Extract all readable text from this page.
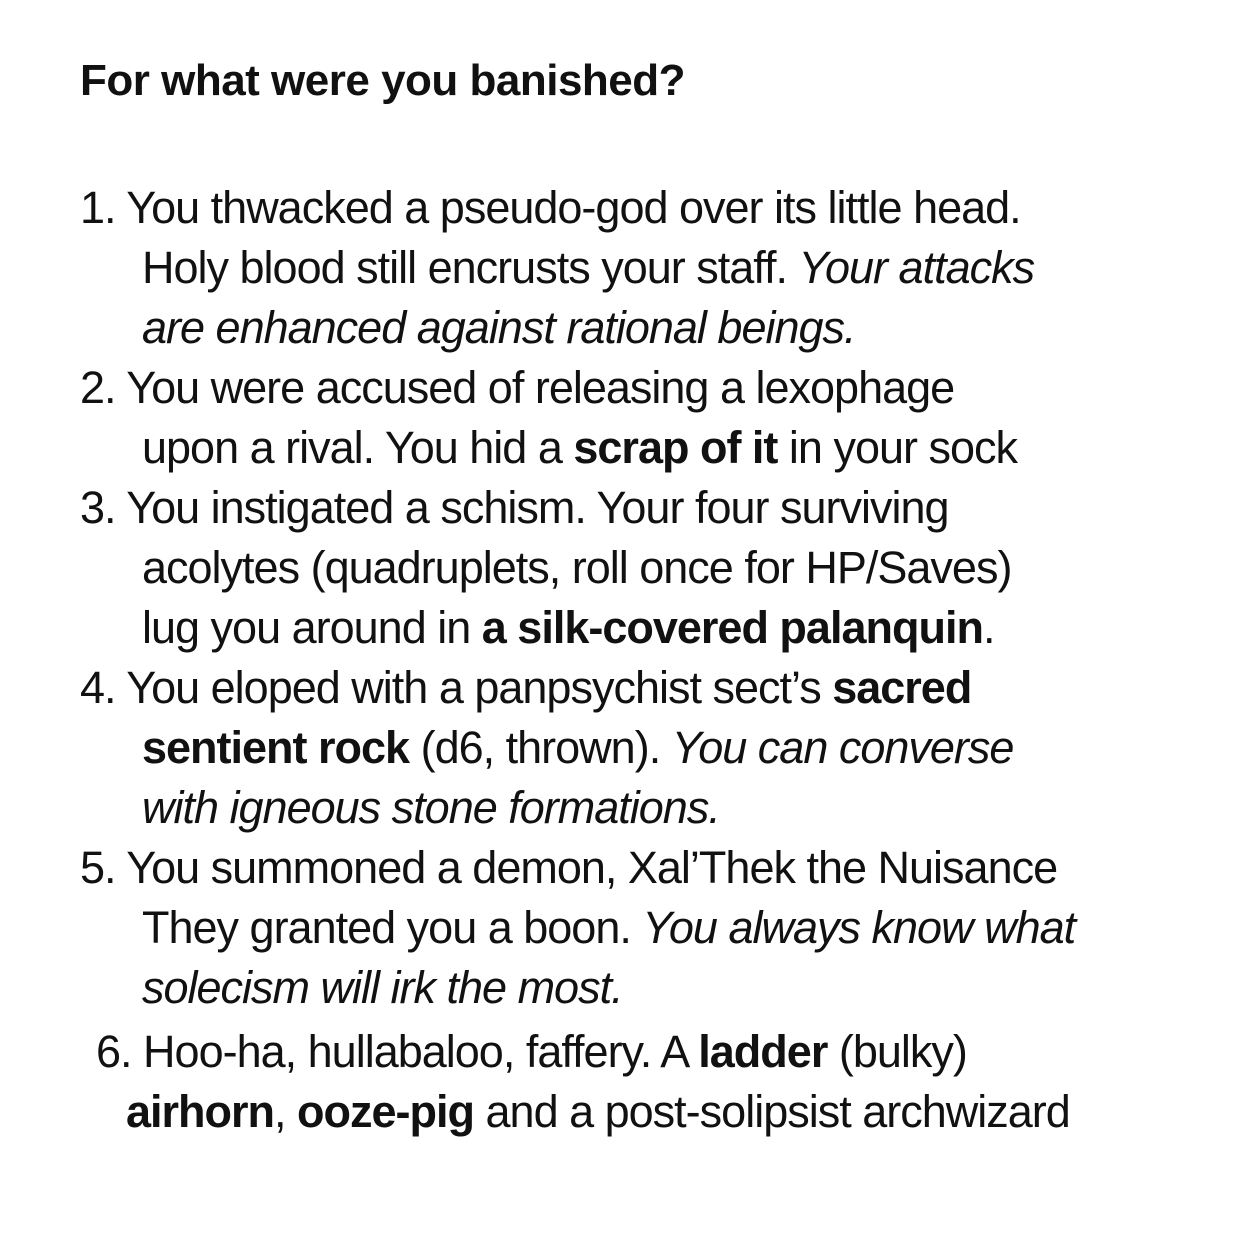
For what were you banished?
1. You thwacked a pseudo-god over its little head.
Holy blood still encrusts your staff. Your attacks
are enhanced against rational beings.
2. You were accused of releasing a lexophage
upon a rival. You hid a scrap of it in your sock
3. You instigated a schism. Your four surviving
acolytes (quadruplets, roll once for HP/Saves)
lug you around in a silk-covered palanquin.
4. You eloped with a panpsychist sect’s sacred
sentient rock (d6, thrown). You can converse
with igneous stone formations.
5. You summoned a demon, Xal’Thek the Nuisance
They granted you a boon. You always know what
solecism will irk the most.
6. Hoo-ha, hullabaloo, faffery. A ladder (bulky)
airhorn, ooze-pig and a post-solipsist archwizard
